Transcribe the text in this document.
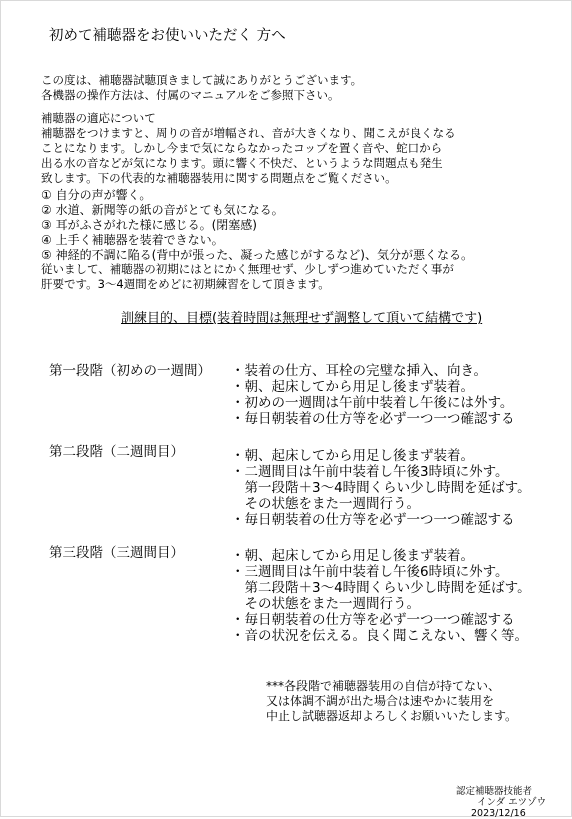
初めて補聴器をお使いいただく 方へ
この度は、補聴器試聴頂きまして誠にありがとうございます。
各機器の操作方法は、付属のマニュアルをご参照下さい。
補聴器の適応について
補聴器をつけますと、周りの音が増幅され、音が大きくなり、聞こえが良くなる
ことになります。しかし今まで気にならなかったコップを置く音や、蛇口から
出る水の音などが気になります。頭に響く不快だ、というような問題点も発生
致します。下の代表的な補聴器装用に関する問題点をご覧ください。
① 自分の声が響く。
② 水道、新聞等の紙の音がとても気になる。
③ 耳がふさがれた様に感じる。(閉塞感)
④ 上手く補聴器を装着できない。
⑤ 神経的不調に陥る(背中が張った、凝った感じがするなど)、気分が悪くなる。
従いまして、補聴器の初期にはとにかく無理せず、少しずつ進めていただく事が
肝要です。3～4週間をめどに初期練習をして頂きます。
訓練目的、目標(装着時間は無理せず調整して頂いて結構です)
第一段階（初めの一週間） ・装着の仕方、耳栓の完璧な挿入、向き。
・朝、起床してから用足し後まず装着。
・初めの一週間は午前中装着し午後には外す。
・毎日朝装着の仕方等を必ず一つ一つ確認する
第二段階（二週間目）	・朝、起床してから用足し後まず装着。
・二週間目は午前中装着し午後3時頃に外す。
　第一段階＋3～4時間くらい少し時間を延ばす。
　その状態をまた一週間行う。
・毎日朝装着の仕方等を必ず一つ一つ確認する
第三段階（三週間目）	・朝、起床してから用足し後まず装着。
・三週間目は午前中装着し午後6時頃に外す。
　第二段階＋3～4時間くらい少し時間を延ばす。
　その状態をまた一週間行う。
・毎日朝装着の仕方等を必ず一つ一つ確認する
・音の状況を伝える。良く聞こえない、響く等。
***各段階で補聴器装用の自信が持てない、
又は体調不調が出た場合は速やかに装用を
中止し試聴器返却よろしくお願いいたします。
認定補聴器技能者
インダ エツゾウ
2023/12/16
